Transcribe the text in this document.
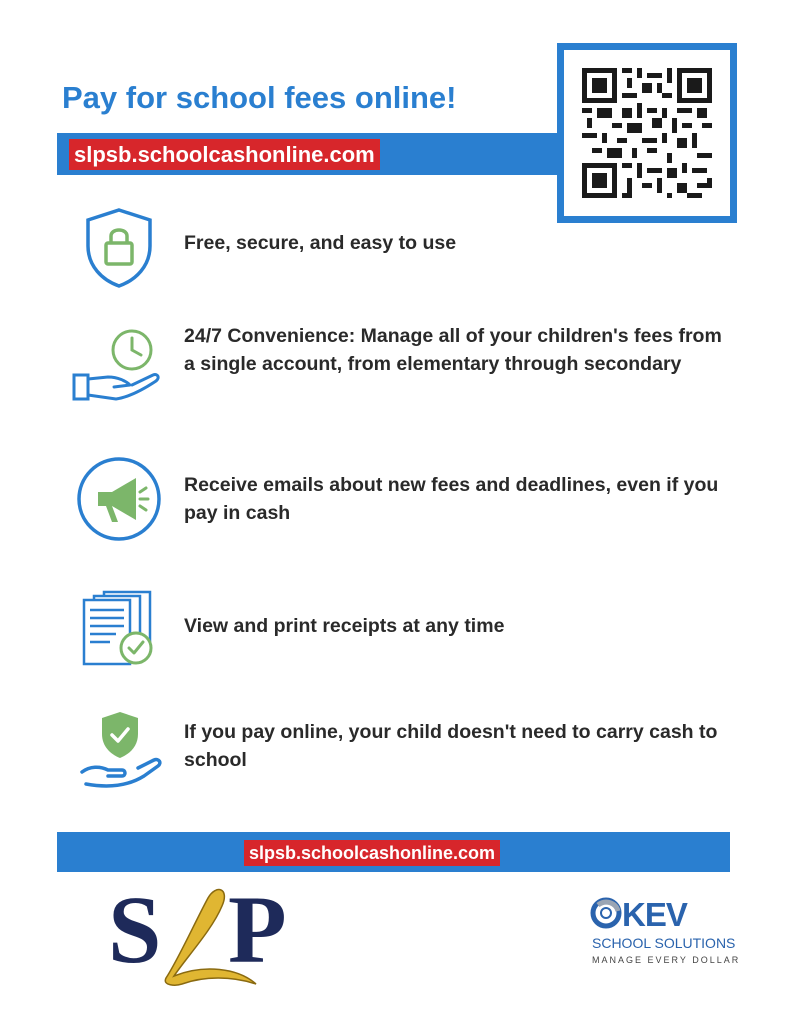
Pay for school fees online!
slpsb.schoolcashonline.com

Free, secure, and easy to use

24/7 Convenience: Manage all of your children's fees from a single account, from elementary through secondary

Receive emails about new fees and deadlines, even if you pay in cash

View and print receipts at any time

If you pay online, your child doesn't need to carry cash to school

slpsb.schoolcashonline.com
S P	KEV

SCHOOL SOLUTIONS
MANAGE EVERY DOLLAR
